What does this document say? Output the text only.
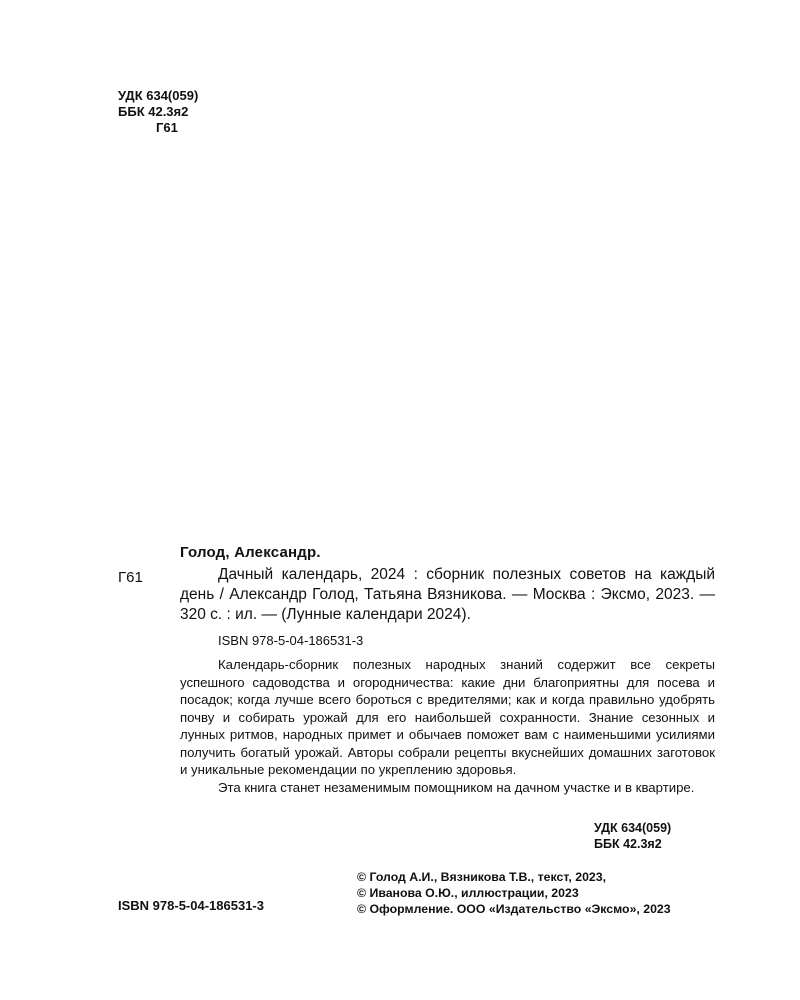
УДК 634(059)
ББК 42.3я2
Г61
Голод, Александр.
Г61	Дачный календарь, 2024 : сборник полезных советов на каждый день / Александр Голод, Татьяна Вязникова. — Москва : Эксмо, 2023. — 320 с. : ил. — (Лунные календари 2024).
ISBN 978-5-04-186531-3

Календарь-сборник полезных народных знаний содержит все секреты успешного садоводства и огородничества: какие дни благоприятны для посева и посадок; когда лучше всего бороться с вредителями; как и когда правильно удобрять почву и собирать урожай для его наибольшей сохранности. Знание сезонных и лунных ритмов, народных примет и обычаев поможет вам с наименьшими усилиями получить богатый урожай. Авторы собрали рецепты вкуснейших домашних заготовок и уникальные рекомендации по укреплению здоровья.

Эта книга станет незаменимым помощником на дачном участке и в квартире.

УДК 634(059)
ББК 42.3я2
© Голод А.И., Вязникова Т.В., текст, 2023,
© Иванова О.Ю., иллюстрации, 2023
© Оформление. ООО «Издательство «Эксмо», 2023
ISBN 978-5-04-186531-3
